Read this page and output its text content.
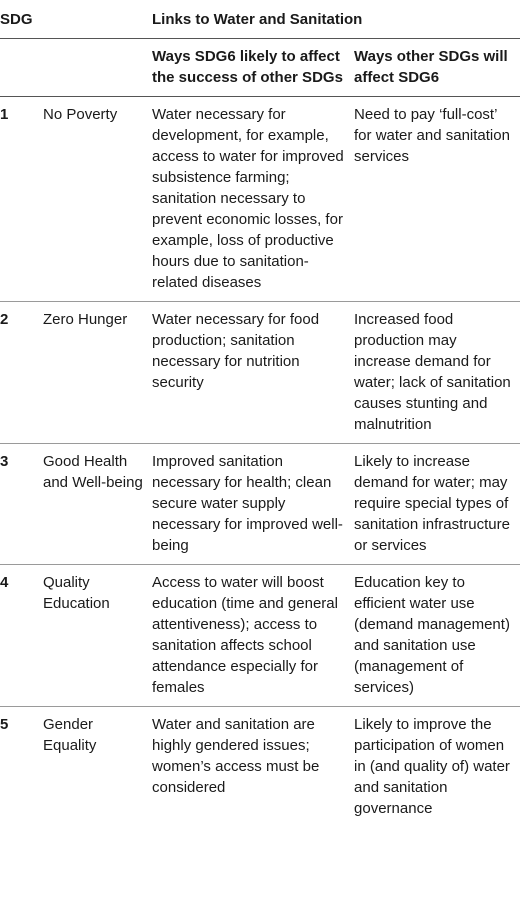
SDG		Links to Water and Sanitation	
		Ways SDG6 likely to affect the success of other SDGs	Ways other SDGs will affect SDG6
1	No Poverty	Water necessary for development, for example, access to water for improved subsistence farming; sanitation necessary to prevent economic losses, for example, loss of productive hours due to sanitation-related diseases	Need to pay ‘full-cost’ for water and sanitation services
2	Zero Hunger	Water necessary for food production; sanitation necessary for nutrition security	Increased food production may increase demand for water; lack of sanitation causes stunting and malnutrition
3	Good Health and Well-being	Improved sanitation necessary for health; clean secure water supply necessary for improved well-being	Likely to increase demand for water; may require special types of sanitation infrastructure or services
4	Quality Education	Access to water will boost education (time and general attentiveness); access to sanitation affects school attendance especially for females	Education key to efficient water use (demand management) and sanitation use (management of services)
5	Gender Equality	Water and sanitation are highly gendered issues; women’s access must be considered	Likely to improve the participation of women in (and quality of) water and sanitation governance
